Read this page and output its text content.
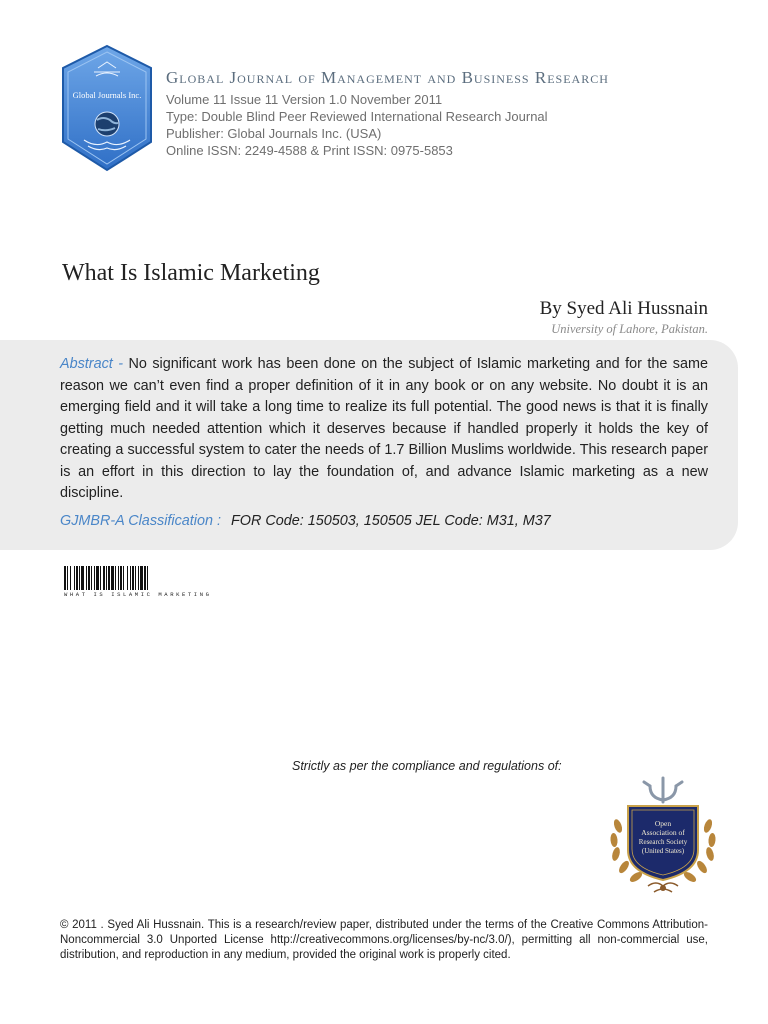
Global Journals Inc.
Global Journal of Management and Business Research
Volume 11 Issue 11 Version 1.0 November 2011
Type: Double Blind Peer Reviewed International Research Journal
Publisher: Global Journals Inc. (USA)
Online ISSN: 2249-4588 & Print ISSN: 0975-5853
What Is Islamic Marketing
By Syed Ali Hussnain
University of Lahore, Pakistan.

Abstract - No significant work has been done on the subject of Islamic marketing and for the same reason we can’t even find a proper definition of it in any book or on any website. No doubt it is an emerging field and it will take a long time to realize its full potential. The good news is that it is finally getting much needed attention which it deserves because if handled properly it holds the key of creating a successful system to cater the needs of 1.7 Billion Muslims worldwide. This research paper is an effort in this direction to lay the foundation of, and advance Islamic marketing as a new discipline.

GJMBR-A Classification : FOR Code: 150503, 150505 JEL Code: M31, M37
WHAT IS ISLAMIC MARKETING
Strictly as per the compliance and regulations of:
Open
Association of
Research Society
(United States)

© 2011 . Syed Ali Hussnain. This is a research/review paper, distributed under the terms of the Creative Commons Attribution-Noncommercial 3.0 Unported License http://creativecommons.org/licenses/by-nc/3.0/), permitting all non-commercial use, distribution, and reproduction in any medium, provided the original work is properly cited.
